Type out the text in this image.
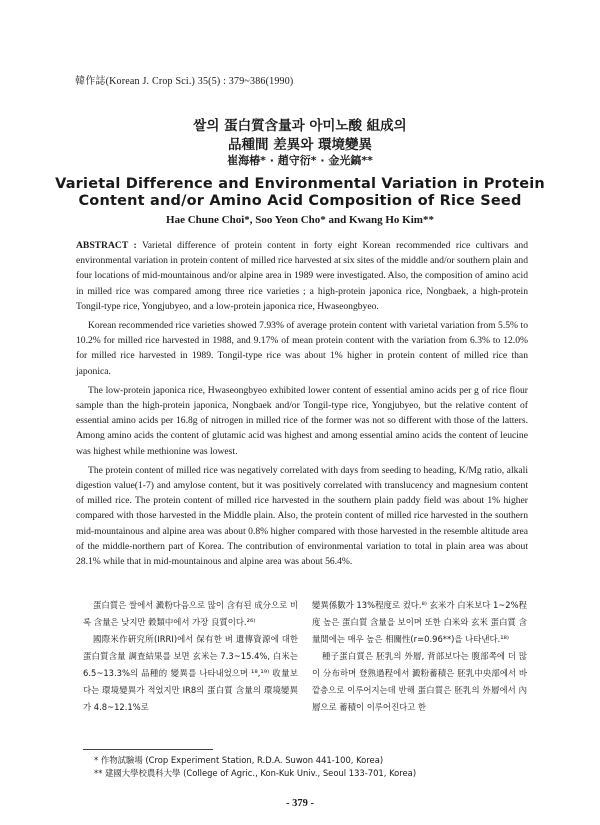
韓作誌(Korean J. Crop Sci.) 35(5) : 379~386(1990)
쌀의 蛋白質含量과 아미노酸 組成의
品種間 差異와 環境變異
崔海椿* · 趙守衍* · 金光鎬**
Varietal Difference and Environmental Variation in Protein
Content and/or Amino Acid Composition of Rice Seed
Hae Chune Choi*, Soo Yeon Cho* and Kwang Ho Kim**

ABSTRACT : Varietal difference of protein content in forty eight Korean recommended rice cultivars and environmental variation in protein content of milled rice harvested at six sites of the middle and/or southern plain and four locations of mid-mountainous and/or alpine area in 1989 were investigated. Also, the composition of amino acid in milled rice was compared among three rice varieties ; a high-protein japonica rice, Nongbaek, a high-protein Tongil-type rice, Yongjubyeo, and a low-protein japonica rice, Hwaseongbyeo.

Korean recommended rice varieties showed 7.93% of average protein content with varietal variation from 5.5% to 10.2% for milled rice harvested in 1988, and 9.17% of mean protein content with the variation from 6.3% to 12.0% for milled rice harvested in 1989. Tongil-type rice was about 1% higher in protein content of milled rice than japonica.

The low-protein japonica rice, Hwaseongbyeo exhibited lower content of essential amino acids per g of rice flour sample than the high-protein japonica, Nongbaek and/or Tongil-type rice, Yongjubyeo, but the relative content of essential amino acids per 16.8g of nitrogen in milled rice of the former was not so different with those of the latters. Among amino acids the content of glutamic acid was highest and among essential amino acids the content of leucine was highest while methionine was lowest.

The protein content of milled rice was negatively correlated with days from seeding to heading, K/Mg ratio, alkali digestion value(1-7) and amylose content, but it was positively correlated with translucency and magnesium content of milled rice. The protein content of milled rice harvested in the southern plain paddy field was about 1% higher compared with those harvested in the Middle plain. Also, the protein content of milled rice harvested in the southern mid-mountainous and alpine area was about 0.8% higher compared with those harvested in the resemble altitude area of the middle-northern part of Korea. The contribution of environmental variation to total in plain area was about 28.1% while that in mid-mountainous and alpine area was about 56.4%.

蛋白質은 쌀에서 澱粉다음으로 많이 含有된 成分으로 비록 含量은 낮지만 穀類中에서 가장 良質이다.²⁶⁾

國際米作硏究所(IRRI)에서 保有한 벼 遺傳資源에 대한 蛋白質含量 調査結果를 보면 玄米는 7.3~15.4%, 白米는 6.5~13.3%의 品種的 變異를 나타내었으며 ¹⁸,¹⁹⁾ 收量보다는 環境變異가 적었지만 IR8의 蛋白質 含量의 環境變異가 4.8~12.1%로

變異係數가 13%程度로 컸다.⁸⁾ 玄米가 白米보다 1~2%程度 높은 蛋白質 含量을 보이며 또한 白米와 玄米 蛋白質 含量間에는 매우 높은 相關性(r=0.96**)을 나타낸다.¹⁸⁾

種子蛋白質은 胚乳의 外層, 背部보다는 腹部쪽에 더 많이 分布하며 登熟過程에서 澱粉蓄積은 胚乳中央部에서 바깥층으로 이루어지는데 반해 蛋白質은 胚乳의 外層에서 內層으로 蓄積이 이루어진다고 한

* 作物試驗場 (Crop Experiment Station, R.D.A. Suwon 441-100, Korea)
** 建國大學校農科大學 (College of Agric., Kon-Kuk Univ., Seoul 133-701, Korea)
- 379 -
